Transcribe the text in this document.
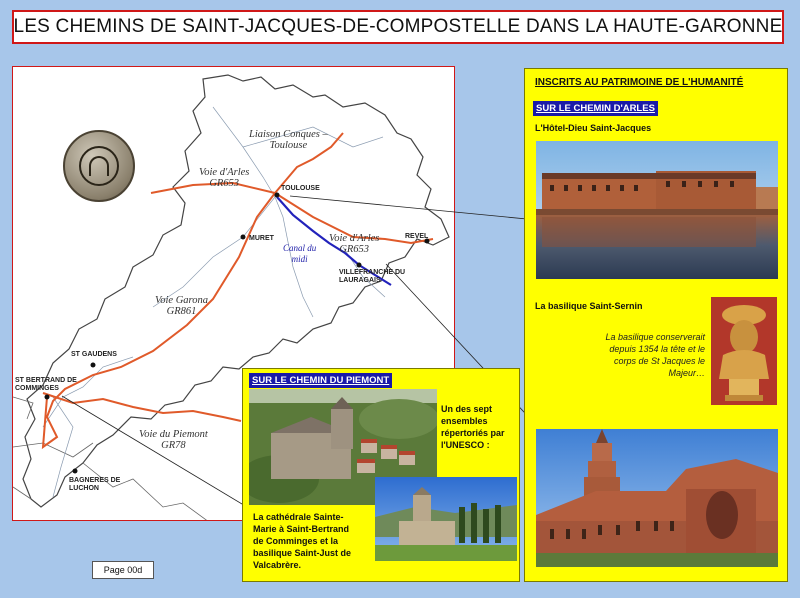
LES CHEMINS DE SAINT-JACQUES-DE-COMPOSTELLE DANS LA HAUTE-GARONNE
Liaison Conques –
Toulouse
Voie d'Arles
GR653
Voie d'Arles
GR653
Voie Garona
GR861
Voie du Piemont
GR78
Canal du
midi
TOULOUSE
MURET	REVEL
VILLEFRANCHE DU
LAURAGAIS
ST GAUDENS
ST BERTRAND DE
COMMINGES
BAGNERES DE
LUCHON
INSCRITS AU PATRIMOINE DE L'HUMANITÉ
SUR LE CHEMIN D'ARLES
L'Hôtel-Dieu Saint-Jacques
La basilique Saint-Sernin
La basilique conserverait
depuis 1354 la tête et le
corps de St Jacques le
Majeur…
SUR LE CHEMIN DU PIEMONT
Un des sept
ensembles
répertoriés par
l'UNESCO :
La cathédrale Sainte-
Marie à Saint-Bertrand
de Comminges et la
basilique Saint-Just de
Valcabrère.
Page 00d
